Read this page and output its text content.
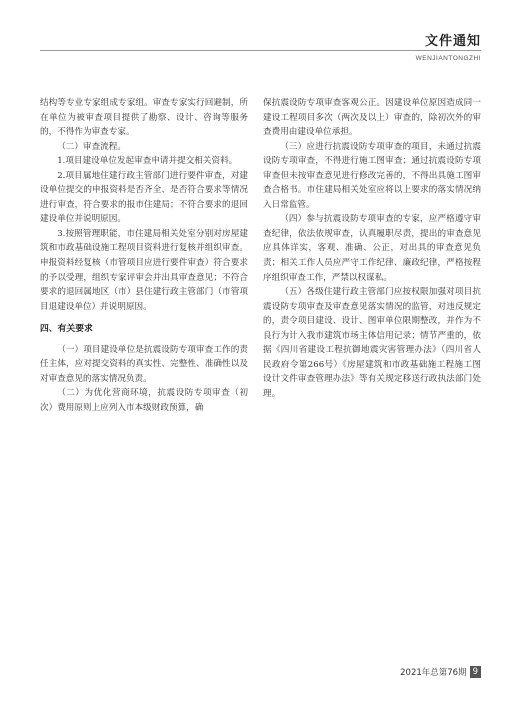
文件通知
WENJIANTONGZHI

结构等专业专家组成专家组。审查专家实行回避制，所在单位为被审查项目提供了勘察、设计、咨询等服务的，不得作为审查专家。

（二）审查流程。

1.项目建设单位发起审查申请并提交相关资料。

2.项目属地住建行政主管部门进行要件审查，对建设单位提交的申报资料是否齐全、是否符合要求等情况进行审查，符合要求的报市住建局；不符合要求的退回建设单位并说明原因。

3.按照管理职能，市住建局相关处室分别对房屋建筑和市政基础设施工程项目资料进行复核并组织审查。申报资料经复核（市管项目应进行要件审查）符合要求的予以受理，组织专家评审会并出具审查意见；不符合要求的退回属地区（市）县住建行政主管部门（市管项目退建设单位）并说明原因。

四、有关要求

（一）项目建设单位是抗震设防专项审查工作的责任主体，应对提交资料的真实性、完整性、准确性以及对审查意见的落实情况负责。

（二）为优化营商环境，抗震设防专项审查（初次）费用原则上应列入市本级财政预算，确

保抗震设防专项审查客观公正。因建设单位原因造成同一建设工程项目多次（两次及以上）审查的，除初次外的审查费用由建设单位承担。

（三）应进行抗震设防专项审查的项目，未通过抗震设防专项审查，不得进行施工图审查；通过抗震设防专项审查但未按审查意见进行修改完善的，不得出具施工图审查合格书。市住建局相关处室应将以上要求的落实情况纳入日常监管。

（四）参与抗震设防专项审查的专家，应严格遵守审查纪律，依法依规审查，认真履职尽责，提出的审查意见应具体详实，客观、准确、公正，对出具的审查意见负责；相关工作人员应严守工作纪律、廉政纪律，严格按程序组织审查工作，严禁以权谋私。

（五）各级住建行政主管部门应按权限加强对项目抗震设防专项审查及审查意见落实情况的监管，对违反规定的，责令项目建设、设计、图审单位限期整改，并作为不良行为计入我市建筑市场主体信用记录；情节严重的，依据《四川省建设工程抗御地震灾害管理办法》（四川省人民政府令第266号）《房屋建筑和市政基础施工程施工图设计文件审查管理办法》等有关规定移送行政执法部门处理。

2021年总第76期 9
